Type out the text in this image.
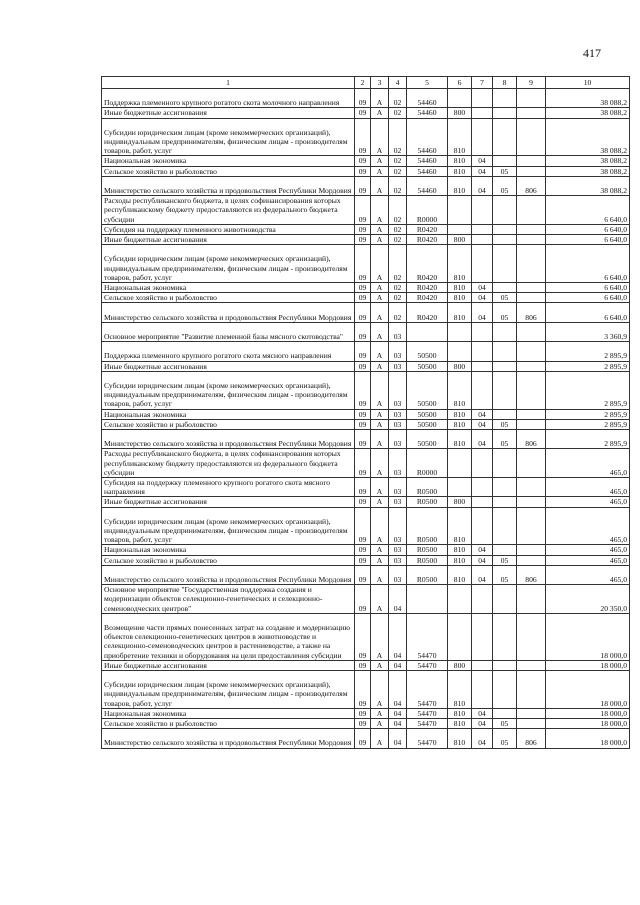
417
1	2	3	4	5	6	7	8	9	10
Поддержка племенного крупного рогатого скота молочного направления	09	А	02	54460					38 088,2
Иные бюджетные ассигнования	09	А	02	54460	800				38 088,2
Субсидии юридическим лицам (кроме некоммерческих организаций), индивидуальным предпринимателям, физическим лицам - производителям товаров, работ, услуг	09	А	02	54460	810				38 088,2
Национальная экономика	09	А	02	54460	810	04			38 088,2
Сельское хозяйство и рыболовство	09	А	02	54460	810	04	05		38 088,2
Министерство сельского хозяйства и продовольствия Республики Мордовия	09	А	02	54460	810	04	05	806	38 088,2
Расходы республиканского бюджета, в целях софинансирования которых республиканскому бюджету предоставляются из федерального бюджета субсидии	09	А	02	R0000					6 640,0
Субсидия на поддержку племенного животноводства	09	А	02	R0420					6 640,0
Иные бюджетные ассигнования	09	А	02	R0420	800				6 640,0
Субсидии юридическим лицам (кроме некоммерческих организаций), индивидуальным предпринимателям, физическим лицам - производителям товаров, работ, услуг	09	А	02	R0420	810				6 640,0
Национальная экономика	09	А	02	R0420	810	04			6 640,0
Сельское хозяйство и рыболовство	09	А	02	R0420	810	04	05		6 640,0
Министерство сельского хозяйства и продовольствия Республики Мордовия	09	А	02	R0420	810	04	05	806	6 640,0
Основное мероприятие "Развитие племенной базы мясного скотоводства"	09	А	03						3 360,9
Поддержка племенного крупного рогатого скота мясного направления	09	А	03	50500					2 895,9
Иные бюджетные ассигнования	09	А	03	50500	800				2 895,9
Субсидии юридическим лицам (кроме некоммерческих организаций), индивидуальным предпринимателям, физическим лицам - производителям товаров, работ, услуг	09	А	03	50500	810				2 895,9
Национальная экономика	09	А	03	50500	810	04			2 895,9
Сельское хозяйство и рыболовство	09	А	03	50500	810	04	05		2 895,9
Министерство сельского хозяйства и продовольствия Республики Мордовия	09	А	03	50500	810	04	05	806	2 895,9
Расходы республиканского бюджета, в целях софинансирования которых республиканскому бюджету предоставляются из федерального бюджета субсидии	09	А	03	R0000					465,0
Субсидия на поддержку племенного крупного рогатого скота мясного направления	09	А	03	R0500					465,0
Иные бюджетные ассигнования	09	А	03	R0500	800				465,0
Субсидии юридическим лицам (кроме некоммерческих организаций), индивидуальным предпринимателям, физическим лицам - производителям товаров, работ, услуг	09	А	03	R0500	810				465,0
Национальная экономика	09	А	03	R0500	810	04			465,0
Сельское хозяйство и рыболовство	09	А	03	R0500	810	04	05		465,0
Министерство сельского хозяйства и продовольствия Республики Мордовия	09	А	03	R0500	810	04	05	806	465,0
Основное мероприятие "Государственная поддержка создания и модернизации объектов селекционно-генетических и селекционно-семеноводческих центров"	09	А	04						20 350,0
Возмещение части прямых понесенных затрат на создание и модернизацию объектов селекционно-генетических центров в животноводстве и селекционно-семеноводческих центров в растениеводстве, а также на приобретение техники и оборудования на цели предоставления субсидии	09	А	04	54470					18 000,0
Иные бюджетные ассигнования	09	А	04	54470	800				18 000,0
Субсидии юридическим лицам (кроме некоммерческих организаций), индивидуальным предпринимателям, физическим лицам - производителям товаров, работ, услуг	09	А	04	54470	810				18 000,0
Национальная экономика	09	А	04	54470	810	04			18 000,0
Сельское хозяйство и рыболовство	09	А	04	54470	810	04	05		18 000,0
Министерство сельского хозяйства и продовольствия Республики Мордовия	09	А	04	54470	810	04	05	806	18 000,0
